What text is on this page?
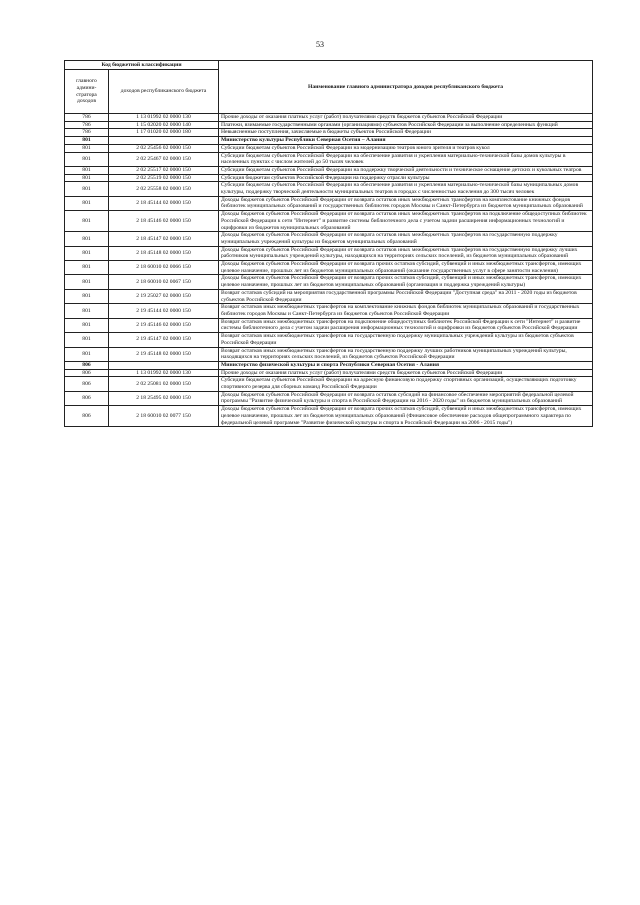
53
Код бюджетной классификации		Наименование главного администратора доходов республиканского бюджета
главного админи-стратора доходов	доходов республиканского бюджета	
786	1 13 01992 02 0000 130	Прочие доходы от оказания платных услуг (работ) получателями средств бюджетов субъектов Российской Федерации
786	1 15 02020 02 0000 140	Платежи, взимаемые государственными органами (организациями) субъектов Российской Федерации за выполнение определенных функций
786	1 17 01020 02 0000 180	Невыясненные поступления, зачисляемые в бюджеты субъектов Российской Федерации
801		Министерство культуры Республики Северная Осетия – Алания
801	2 02 25456 02 0000 150	Субсидии бюджетам субъектов Российской Федерации на модернизацию театров юного зрителя и театров кукол
801	2 02 25467 02 0000 150	Субсидии бюджетам субъектов Российской Федерации на обеспечение развития и укрепления материально-технической базы домов культуры в населенных пунктах с числом жителей до 50 тысяч человек
801	2 02 25517 02 0000 150	Субсидии бюджетам субъектов Российской Федерации на поддержку творческой деятельности и техническое оснащение детских и кукольных театров
801	2 02 25519 02 0000 150	Субсидия бюджетам субъектов Российской Федерации на поддержку отрасли культуры
801	2 02 25558 02 0000 150	Субсидии бюджетам субъектов Российской Федерации на обеспечение развития и укрепления материально-технической базы муниципальных домов культуры, поддержку творческой деятельности муниципальных театров в городах с численностью населения до 300 тысяч человек
801	2 18 45144 02 0000 150	Доходы бюджетов субъектов Российской Федерации от возврата остатков иных межбюджетных трансфертов на комплектование книжных фондов библиотек муниципальных образований и государственных библиотек городов Москвы и Санкт-Петербурга из бюджетов муниципальных образований
801	2 18 45146 02 0000 150	Доходы бюджетов субъектов Российской Федерации от возврата остатков иных межбюджетных трансфертов на подключение общедоступных библиотек Российской Федерации к сети "Интернет" и развитие системы библиотечного дела с учетом задачи расширения информационных технологий и оцифровки из бюджетов муниципальных образований
801	2 18 45147 02 0000 150	Доходы бюджетов субъектов Российской Федерации от возврата остатков иных межбюджетных трансфертов на государственную поддержку муниципальных учреждений культуры из бюджетов муниципальных образований
801	2 18 45148 02 0000 150	Доходы бюджетов субъектов Российской Федерации от возврата остатков иных межбюджетных трансфертов на государственную поддержку лучших работников муниципальных учреждений культуры, находящихся на территориях сельских поселений, из бюджетов муниципальных образований
801	2 18 60010 02 0066 150	Доходы бюджетов субъектов Российской Федерации от возврата прочих остатков субсидий, субвенций и иных межбюджетных трансфертов, имеющих целевое назначение, прошлых лет из бюджетов муниципальных образований (оказание государственных услуг в сфере занятости населения)
801	2 18 60010 02 0067 150	Доходы бюджетов субъектов Российской Федерации от возврата прочих остатков субсидий, субвенций и иных межбюджетных трансфертов, имеющих целевое назначение, прошлых лет из бюджетов муниципальных образований (организация и поддержка учреждений культуры)
801	2 19 25027 02 0000 150	Возврат остатков субсидий на мероприятия государственной программы Российской Федерации "Доступная среда" на 2011 - 2020 годы из бюджетов субъектов Российской Федерации
801	2 19 45144 02 0000 150	Возврат остатков иных межбюджетных трансфертов на комплектование книжных фондов библиотек муниципальных образований и государственных библиотек городов Москвы и Санкт-Петербурга из бюджетов субъектов Российской Федерации
801	2 19 45146 02 0000 150	Возврат остатков иных межбюджетных трансфертов на подключение общедоступных библиотек Российской Федерации к сети "Интернет" и развитие системы библиотечного дела с учетом задачи расширения информационных технологий и оцифровки из бюджетов субъектов Российской Федерации
801	2 19 45147 02 0000 150	Возврат остатков иных межбюджетных трансфертов на государственную поддержку муниципальных учреждений культуры из бюджетов субъектов Российской Федерации
801	2 19 45148 02 0000 150	Возврат остатков иных межбюджетных трансфертов на государственную поддержку лучших работников муниципальных учреждений культуры, находящихся на территориях сельских поселений, из бюджетов субъектов Российской Федерации
806		Министерство физической культуры и спорта Республики Северная Осетия - Алания
806	1 13 01992 02 0000 130	Прочие доходы от оказания платных услуг (работ) получателями средств бюджетов субъектов Российской Федерации
806	2 02 25081 02 0000 150	Субсидии бюджетам субъектов Российской Федерации на адресную финансовую поддержку спортивных организаций, осуществляющих подготовку спортивного резерва для сборных команд Российской Федерации
806	2 18 25495 02 0000 150	Доходы бюджетов субъектов Российской Федерации от возврата остатков субсидий на финансовое обеспечение мероприятий федеральной целевой программы "Развитие физической культуры и спорта в Российской Федерации на 2016 - 2020 годы" из бюджетов муниципальных образований
806	2 18 60010 02 0077 150	Доходы бюджетов субъектов Российской Федерации от возврата прочих остатков субсидий, субвенций и иных межбюджетных трансфертов, имеющих целевое назначение, прошлых лет из бюджетов муниципальных образований (Финансовое обеспечение расходов общепрограммного характера по федеральной целевой программе "Развитие физической культуры и спорта в Российской Федерации на 2006 - 2015 годы")
